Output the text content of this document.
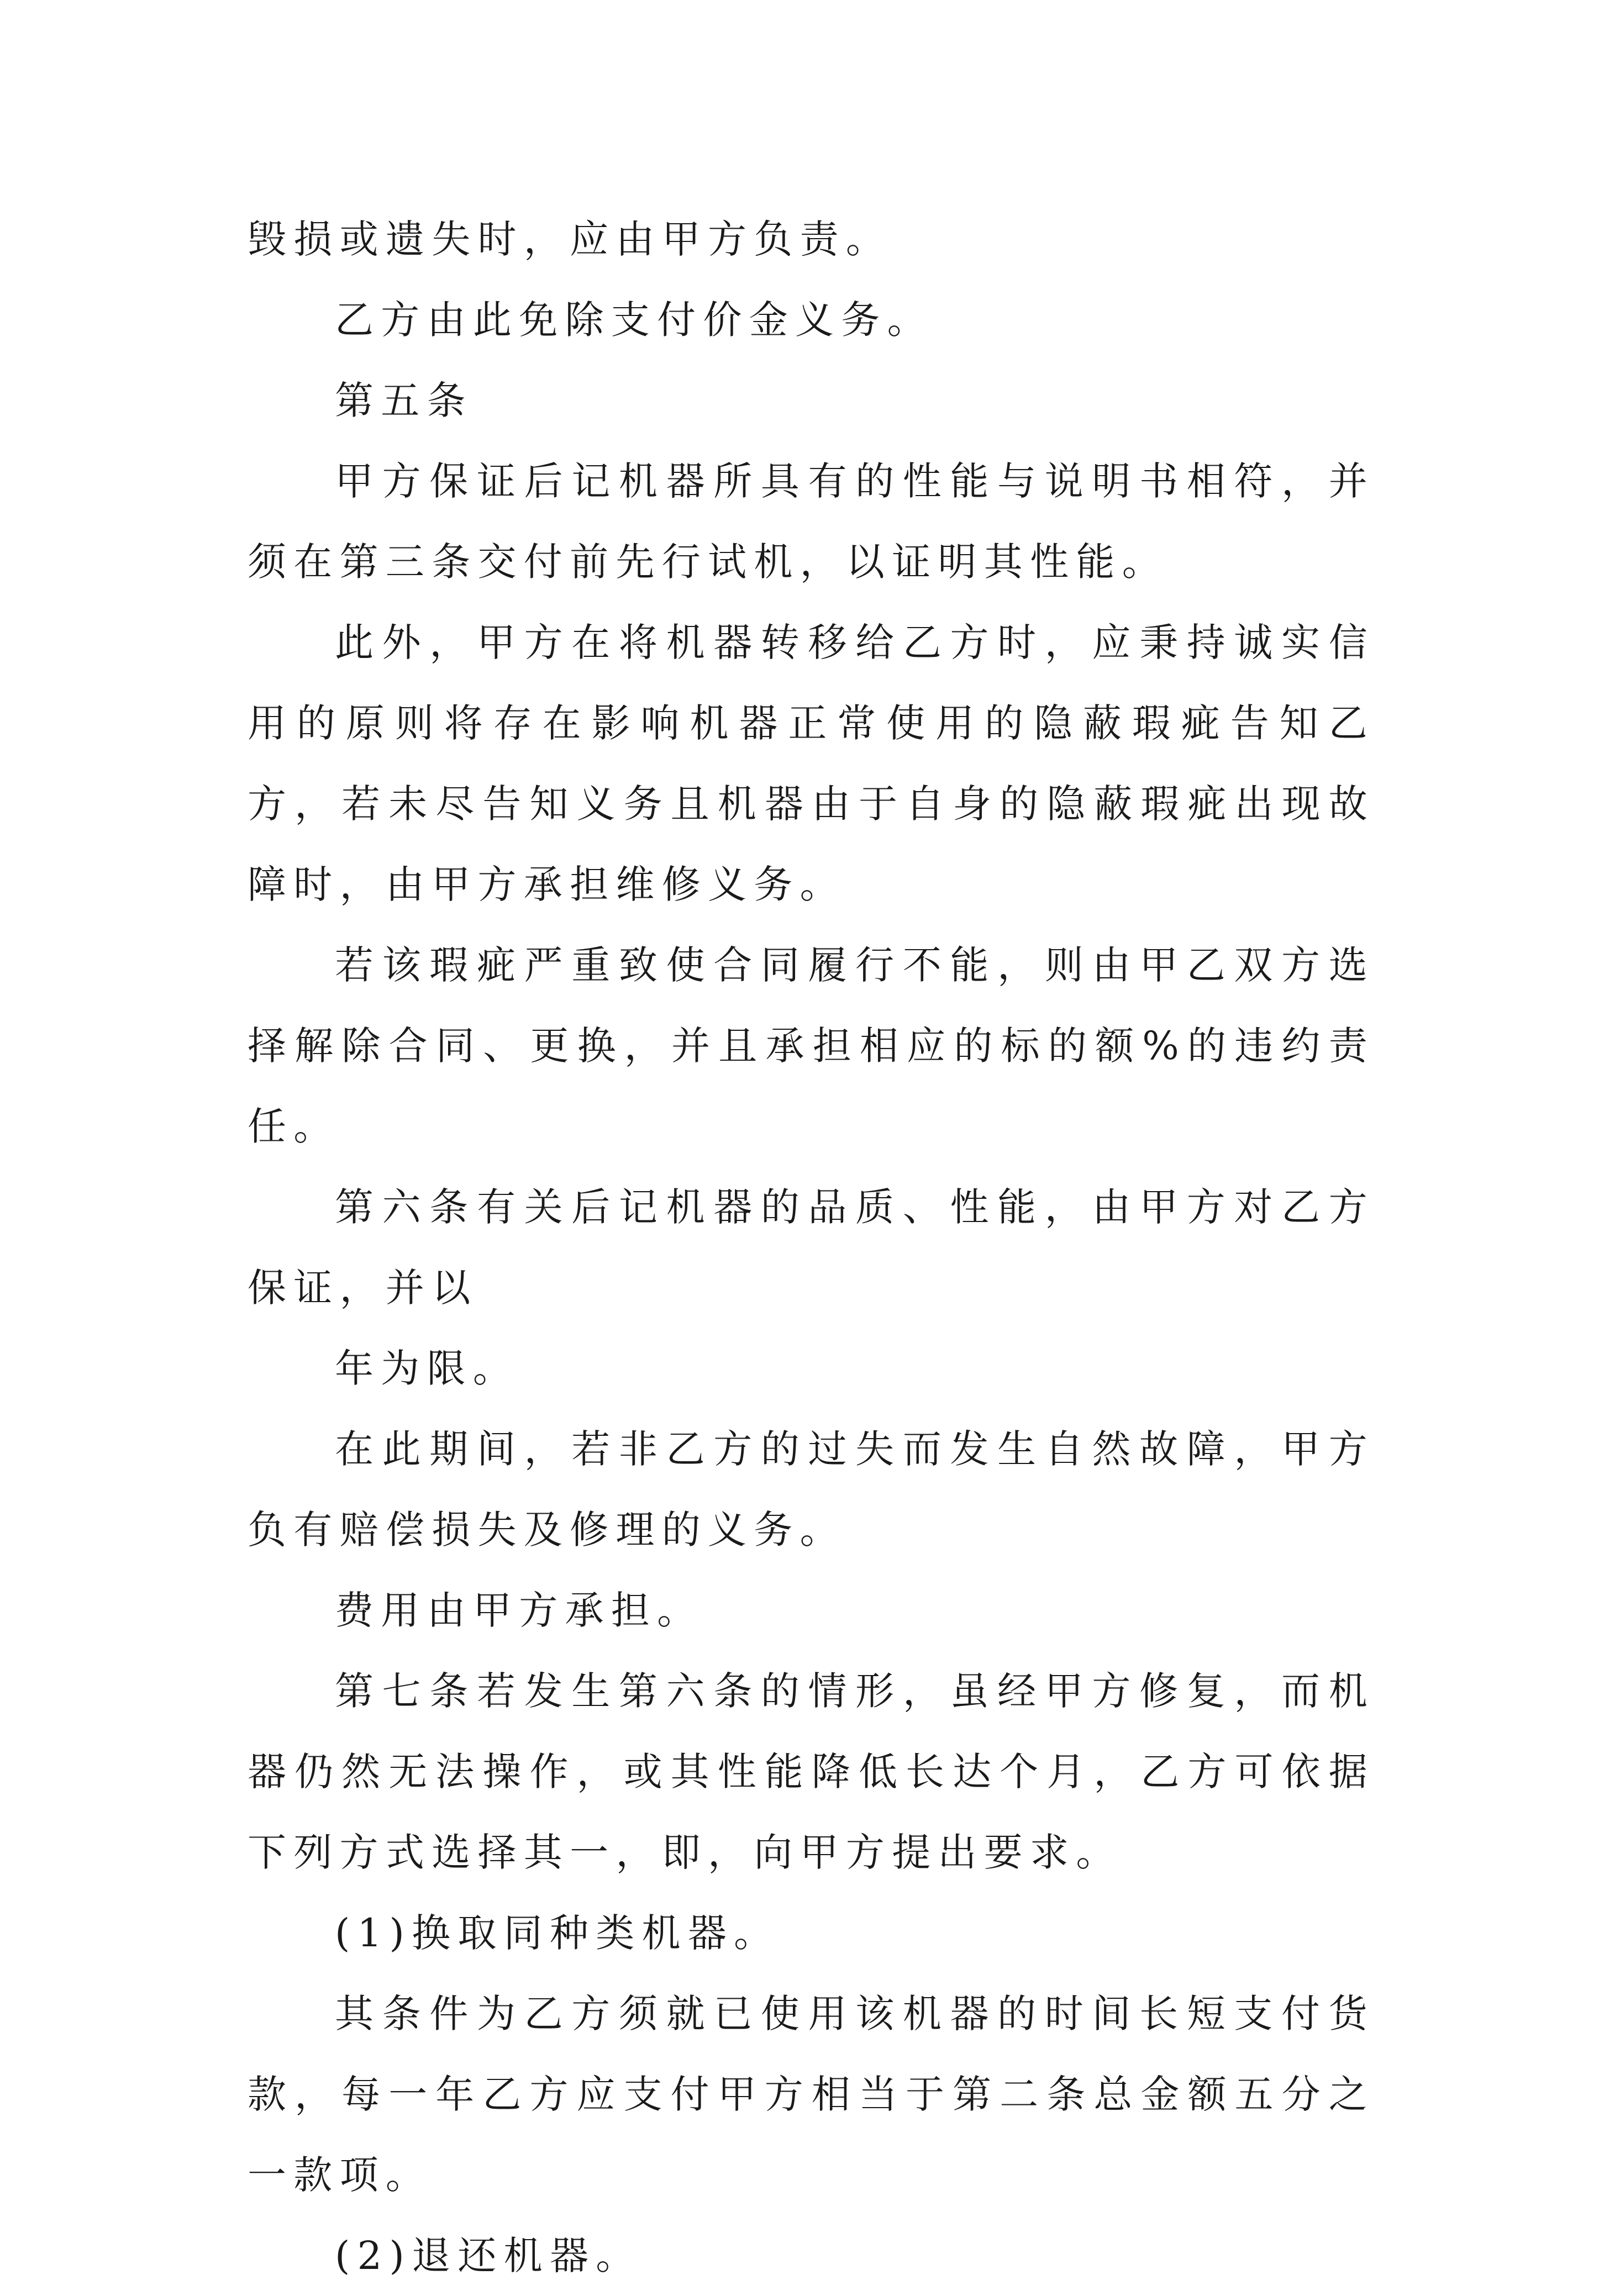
毁损或遗失时，应由甲方负责。

乙方由此免除支付价金义务。

第五条

甲方保证后记机器所具有的性能与说明书相符，并须在第三条交付前先行试机，以证明其性能。

此外，甲方在将机器转移给乙方时，应秉持诚实信用的原则将存在影响机器正常使用的隐蔽瑕疵告知乙方，若未尽告知义务且机器由于自身的隐蔽瑕疵出现故障时，由甲方承担维修义务。

若该瑕疵严重致使合同履行不能，则由甲乙双方选择解除合同、更换，并且承担相应的标的额%的违约责任。

第六条有关后记机器的品质、性能，由甲方对乙方保证，并以

年为限。

在此期间，若非乙方的过失而发生自然故障，甲方负有赔偿损失及修理的义务。

费用由甲方承担。

第七条若发生第六条的情形，虽经甲方修复，而机器仍然无法操作，或其性能降低长达个月，乙方可依据下列方式选择其一，即，向甲方提出要求。

(1)换取同种类机器。

其条件为乙方须就已使用该机器的时间长短支付货款，每一年乙方应支付甲方相当于第二条总金额五分之一款项。

(2)退还机器。
